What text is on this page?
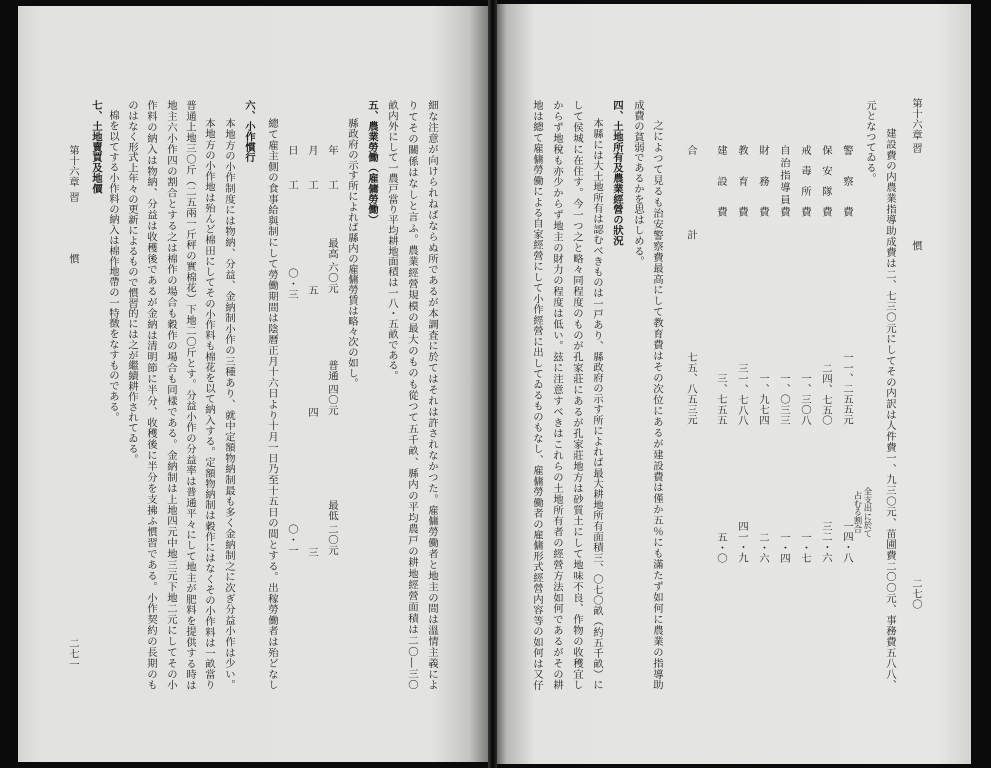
第十六章
習慣
二七〇
建設費の内農業指導助成費は二、七三〇元にしてその内訳は人件費一、九三〇元、苗圃費二〇〇元、事務費五八八、
元となつてゐる。
全支出に於て
占むる割合
警察費
一一、二五五元
一四・八
保安隊費
二四、七五〇
三二・六
戒毒所費
一、三〇八
一・七
自治指導員費
一、〇三三
一・四
財務費
一、九七四
二・六
教育費
三一、七八八
四一・九
建設費
三、七五五
五・〇
合計
七五、八五三元
之によつて見るも治安警察費最高にして教育費はその次位にあるが建設費は僅か五％にも滿たず如何に農業の指導助
成費の貧弱であるかを思はしめる。
四、土地所有及農業經營の狀況
本縣には大土地所有は認むべきものは一戸あり、縣政府の示す所によれば最大耕地所有面積三、〇七〇畝（約五千畝）に
して侯城に在住す。今一つ之と略々同程度のものが孔家莊にあるが孔家莊地方は砂質土にして地味不良、作物の收穫宜し
からず地稅も亦少からず地主の財力の程度は低い。玆に注意すべきはこれらの土地所有者の經營方法如何であるがその耕
地は總て雇傭勞働による自家經營にして小作經營に出してゐるものもなし、雇傭勞働者の雇傭形式經營内容等の如何は又仔
細な注意が向けられねばならぬ所であるが本調査に於てはそれは許されなかつた。雇傭勞働者と地主の間は溫情主義によ
りてその關係はなしと言ふ。農業經營規模の最大のものも從つて五千畝、縣内の平均農戸の耕地經營面積は二〇―三〇
畝内外にして一農戸當り平均耕地面積は一八・五畝である。
五、農業勞働（雇傭勞働）
縣政府の示す所によれば縣内の雇傭勞賃は略々次の如し。
年工
最高
六〇元
普通
四〇元
最低
二〇元
月工
五
四
三
日工
〇・三
〇・一
總て雇主側の食事給與制にして勞働期間は陰曆正月十六日より十月一日乃至十五日の間とする。出稼勞働者は殆どなし
六、小作慣行
本地方の小作制度には物納、分益、金納制小作の三種あり、就中定額物納制最も多く金納制之に次ぎ分益小作は少い。
本地方の小作地は殆んど棉田にしてその小作料も棉花を以て納入する。定額物納制は穀作にはなくその小作料は一畝當り
普通上地三〇斤（二五兩一斤秤の實棉花）下地二〇斤とす。分益小作の分益率は普通平々にして地主が肥料を提供する時は
地主六小作四の割合とする之は棉作の場合も穀作の場合も同樣である。金納制は上地四元中地三元下地二元にしてその小
作料の納入は物納、分益は收穫後であるが金納は清明節に半分、收穫後に半分を支拂ふ慣習である。小作契約の長期のも
のはなく形式上年々の更新によるもので慣習的には之が繼續耕作されてゐる。
棉を以てする小作料の納入は棉作地帶の一特徴をなすものである。
七、土地賣買及地價
第十六章
習慣
二七一
